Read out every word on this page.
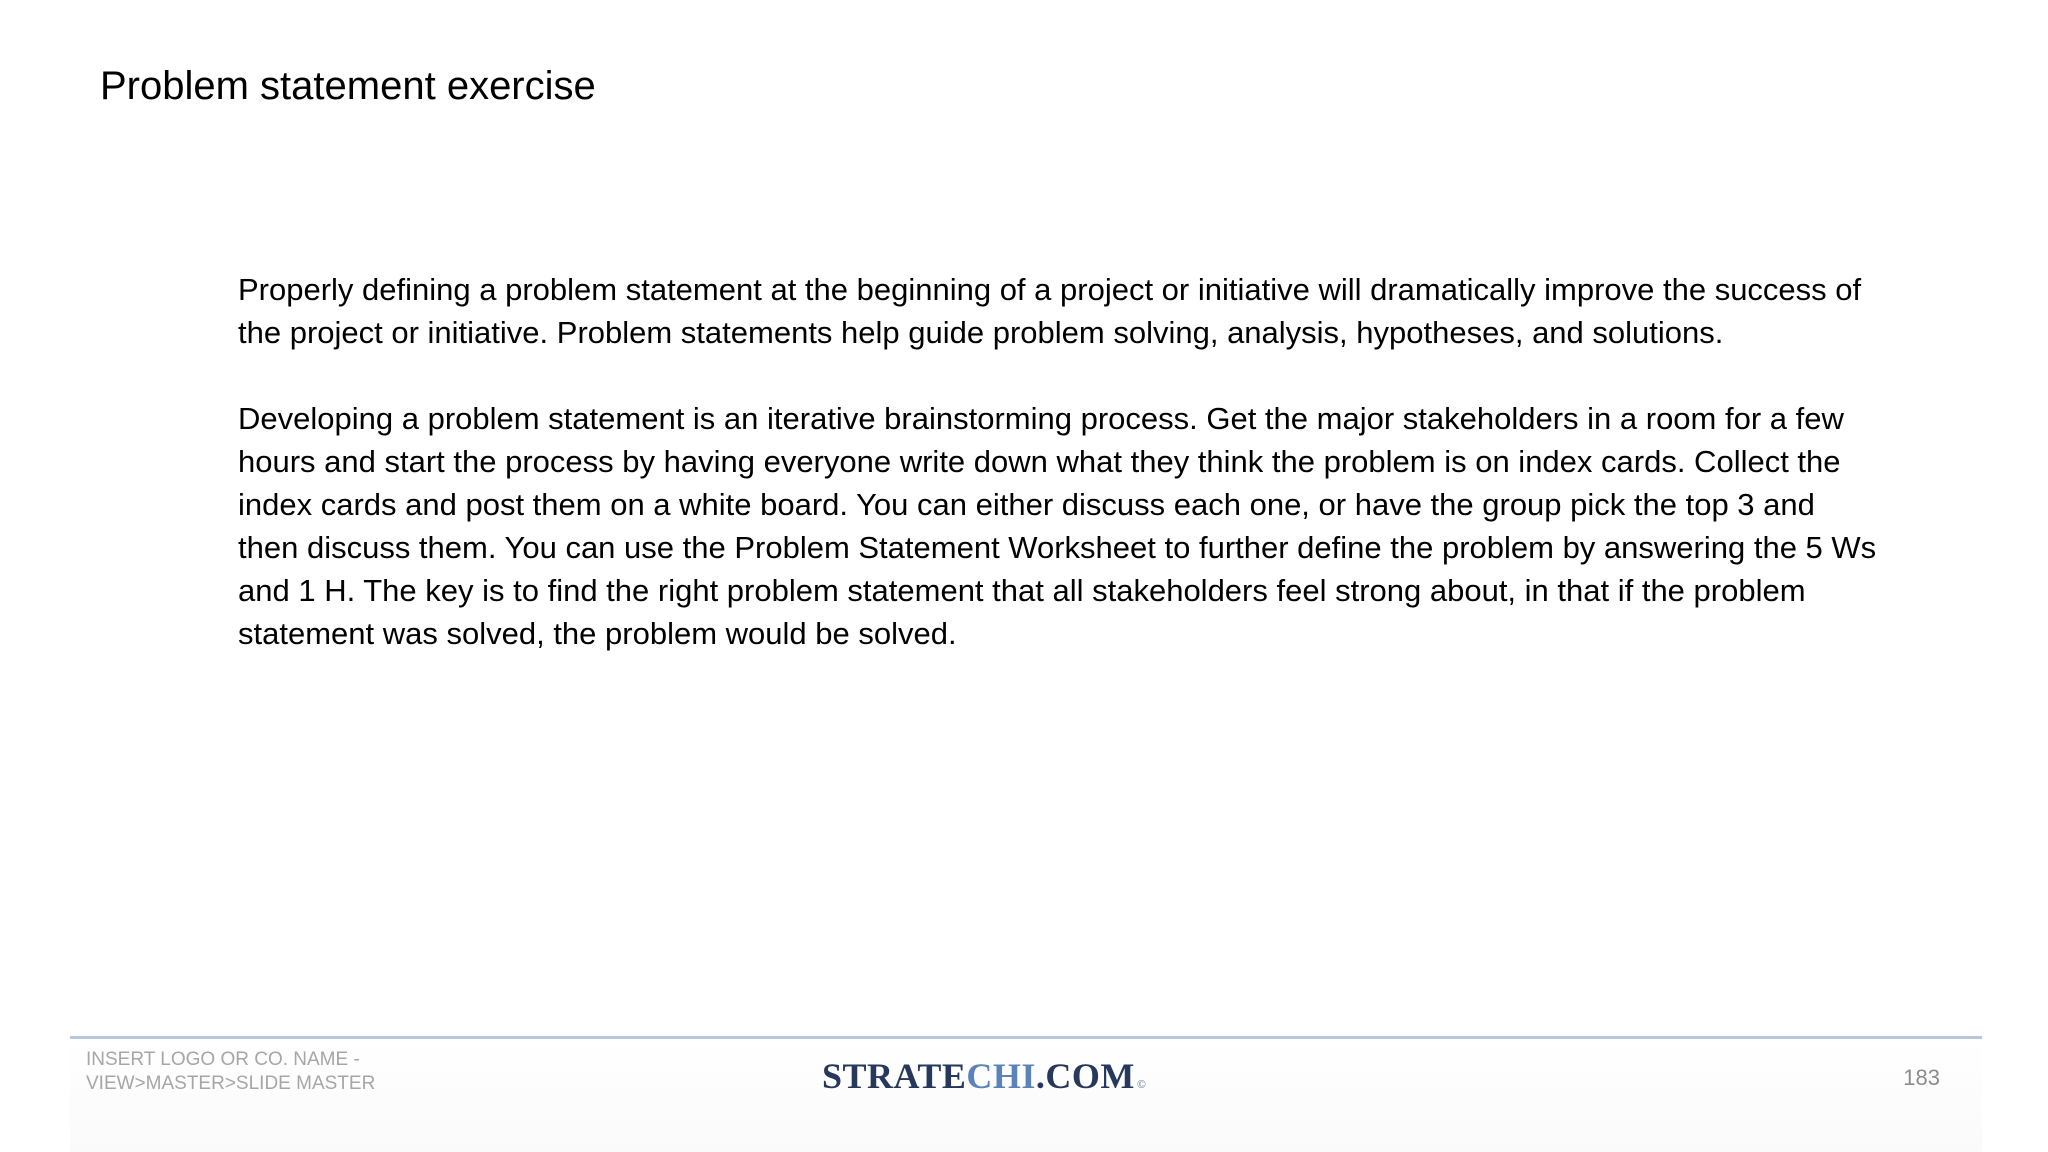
Problem statement exercise

Properly defining a problem statement at the beginning of a project or initiative will dramatically improve the success of the project or initiative. Problem statements help guide problem solving, analysis, hypotheses, and solutions.

Developing a problem statement is an iterative brainstorming process. Get the major stakeholders in a room for a few hours and start the process by having everyone write down what they think the problem is on index cards. Collect the index cards and post them on a white board. You can either discuss each one, or have the group pick the top 3 and then discuss them. You can use the Problem Statement Worksheet to further define the problem by answering the 5 Ws and 1 H. The key is to find the right problem statement that all stakeholders feel strong about, in that if the problem statement was solved, the problem would be solved.

INSERT LOGO OR CO. NAME -
VIEW>MASTER>SLIDE MASTER	STRATECHI.COM ©	183
